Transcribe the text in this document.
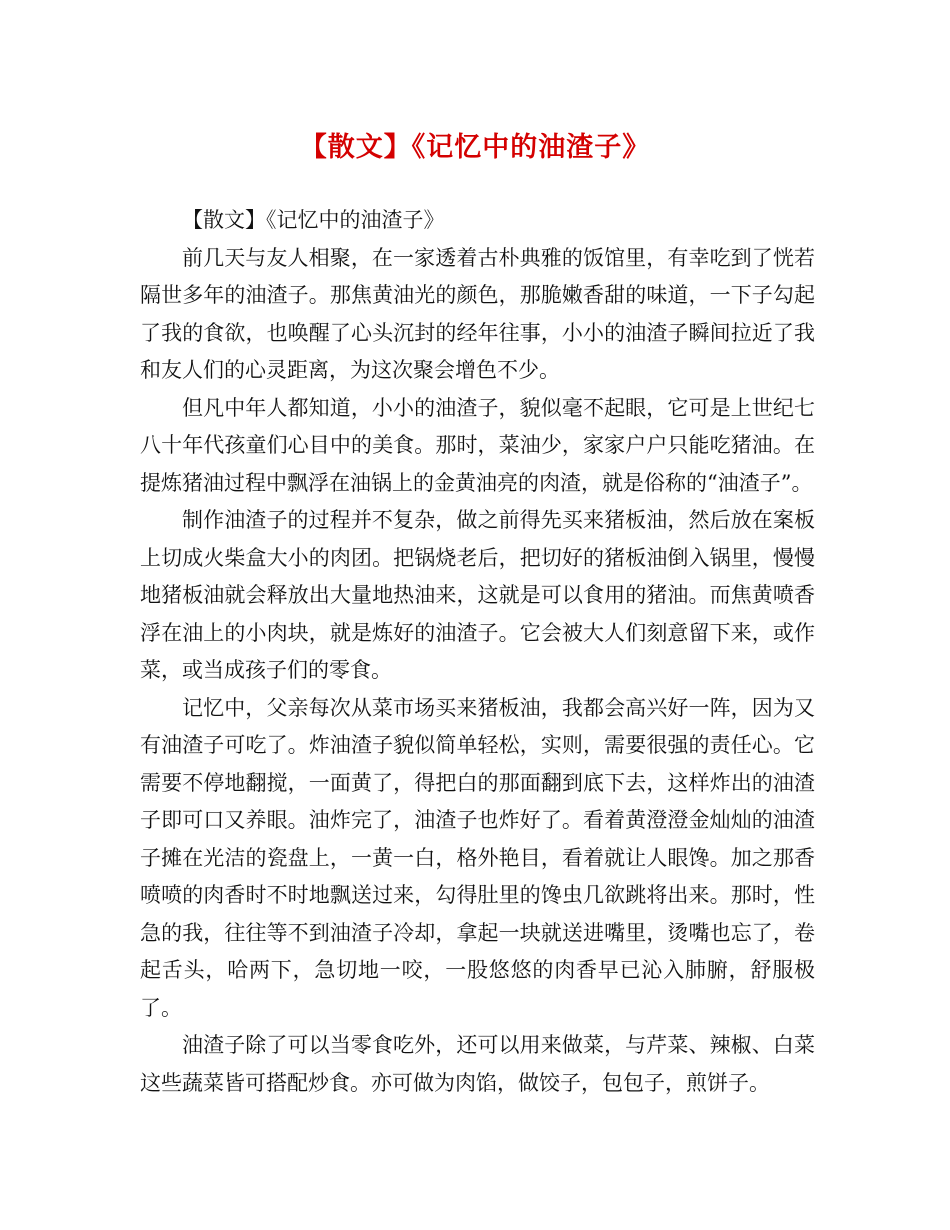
【散文】《记忆中的油渣子》

【散文】《记忆中的油渣子》

前几天与友人相聚，在一家透着古朴典雅的饭馆里，有幸吃到了恍若隔世多年的油渣子。那焦黄油光的颜色，那脆嫩香甜的味道，一下子勾起了我的食欲，也唤醒了心头沉封的经年往事，小小的油渣子瞬间拉近了我和友人们的心灵距离，为这次聚会增色不少。

但凡中年人都知道，小小的油渣子，貌似毫不起眼，它可是上世纪七八十年代孩童们心目中的美食。那时，菜油少，家家户户只能吃猪油。在提炼猪油过程中飘浮在油锅上的金黄油亮的肉渣，就是俗称的“油渣子”。

制作油渣子的过程并不复杂，做之前得先买来猪板油，然后放在案板上切成火柴盒大小的肉团。把锅烧老后，把切好的猪板油倒入锅里，慢慢地猪板油就会释放出大量地热油来，这就是可以食用的猪油。而焦黄喷香浮在油上的小肉块，就是炼好的油渣子。它会被大人们刻意留下来，或作菜，或当成孩子们的零食。

记忆中，父亲每次从菜市场买来猪板油，我都会高兴好一阵，因为又有油渣子可吃了。炸油渣子貌似简单轻松，实则，需要很强的责任心。它需要不停地翻搅，一面黄了，得把白的那面翻到底下去，这样炸出的油渣子即可口又养眼。油炸完了，油渣子也炸好了。看着黄澄澄金灿灿的油渣子摊在光洁的瓷盘上，一黄一白，格外艳目，看着就让人眼馋。加之那香喷喷的肉香时不时地飘送过来，勾得肚里的馋虫几欲跳将出来。那时，性急的我，往往等不到油渣子冷却，拿起一块就送进嘴里，烫嘴也忘了，卷起舌头，哈两下，急切地一咬，一股悠悠的肉香早已沁入肺腑，舒服极了。

油渣子除了可以当零食吃外，还可以用来做菜，与芹菜、辣椒、白菜这些蔬菜皆可搭配炒食。亦可做为肉馅，做饺子，包包子，煎饼子。
